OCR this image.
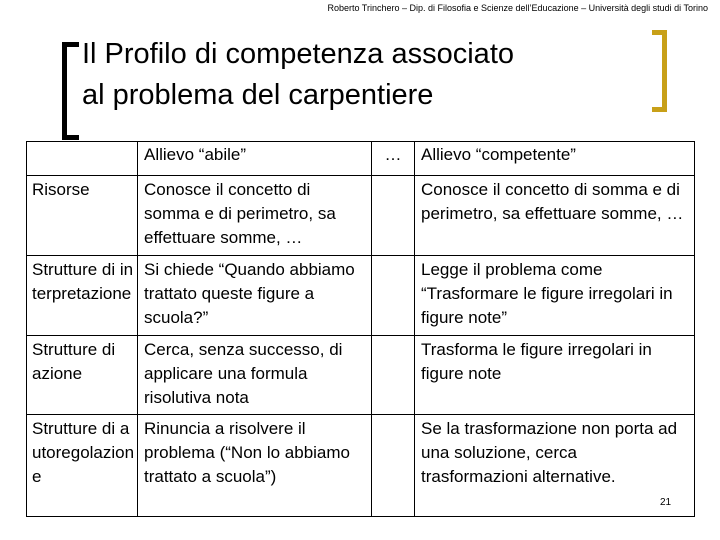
Roberto Trinchero – Dip. di Filosofia e Scienze dell’Educazione – Università degli studi di Torino
Il Profilo di competenza associato
al problema del carpentiere
	Allievo “abile”	…	Allievo “competente”
Risorse	Conosce il concetto di somma e di perimetro, sa effettuare somme, …		Conosce il concetto di somma e di perimetro, sa effettuare somme, …
Strutture di interpretazione	Si chiede “Quando abbiamo trattato queste figure a scuola?”		Legge il problema come “Trasformare le figure irregolari in figure note”
Strutture di azione	Cerca, senza successo, di applicare una formula risolutiva nota		Trasforma le figure irregolari in figure note
Strutture di autoregolazione	Rinuncia a risolvere il problema (“Non lo abbiamo trattato a scuola”)		Se la trasformazione non porta ad una soluzione, cerca trasformazioni alternative.
21
